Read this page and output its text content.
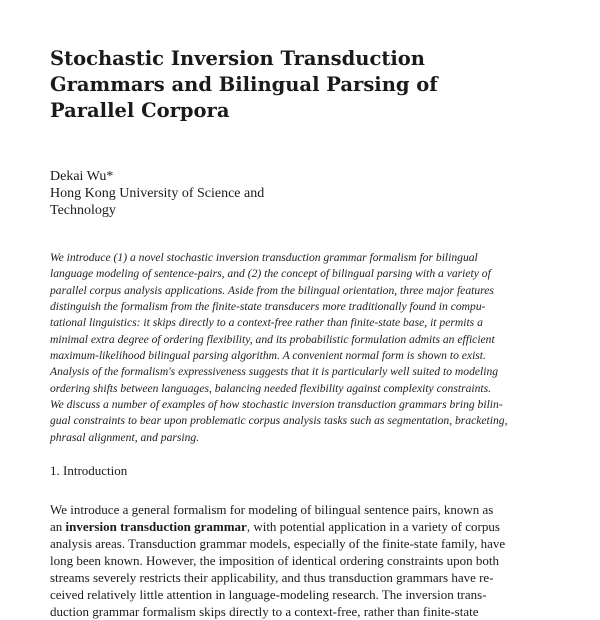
Stochastic Inversion Transduction
Grammars and Bilingual Parsing of
Parallel Corpora
Dekai Wu*
Hong Kong University of Science and
Technology
We introduce (1) a novel stochastic inversion transduction grammar formalism for bilingual
language modeling of sentence-pairs, and (2) the concept of bilingual parsing with a variety of
parallel corpus analysis applications. Aside from the bilingual orientation, three major features
distinguish the formalism from the finite-state transducers more traditionally found in compu-
tational linguistics: it skips directly to a context-free rather than finite-state base, it permits a
minimal extra degree of ordering flexibility, and its probabilistic formulation admits an efficient
maximum-likelihood bilingual parsing algorithm. A convenient normal form is shown to exist.
Analysis of the formalism's expressiveness suggests that it is particularly well suited to modeling
ordering shifts between languages, balancing needed flexibility against complexity constraints.
We discuss a number of examples of how stochastic inversion transduction grammars bring bilin-
gual constraints to bear upon problematic corpus analysis tasks such as segmentation, bracketing,
phrasal alignment, and parsing.
1. Introduction
We introduce a general formalism for modeling of bilingual sentence pairs, known as
an inversion transduction grammar, with potential application in a variety of corpus
analysis areas. Transduction grammar models, especially of the finite-state family, have
long been known. However, the imposition of identical ordering constraints upon both
streams severely restricts their applicability, and thus transduction grammars have re-
ceived relatively little attention in language-modeling research. The inversion trans-
duction grammar formalism skips directly to a context-free, rather than finite-state
